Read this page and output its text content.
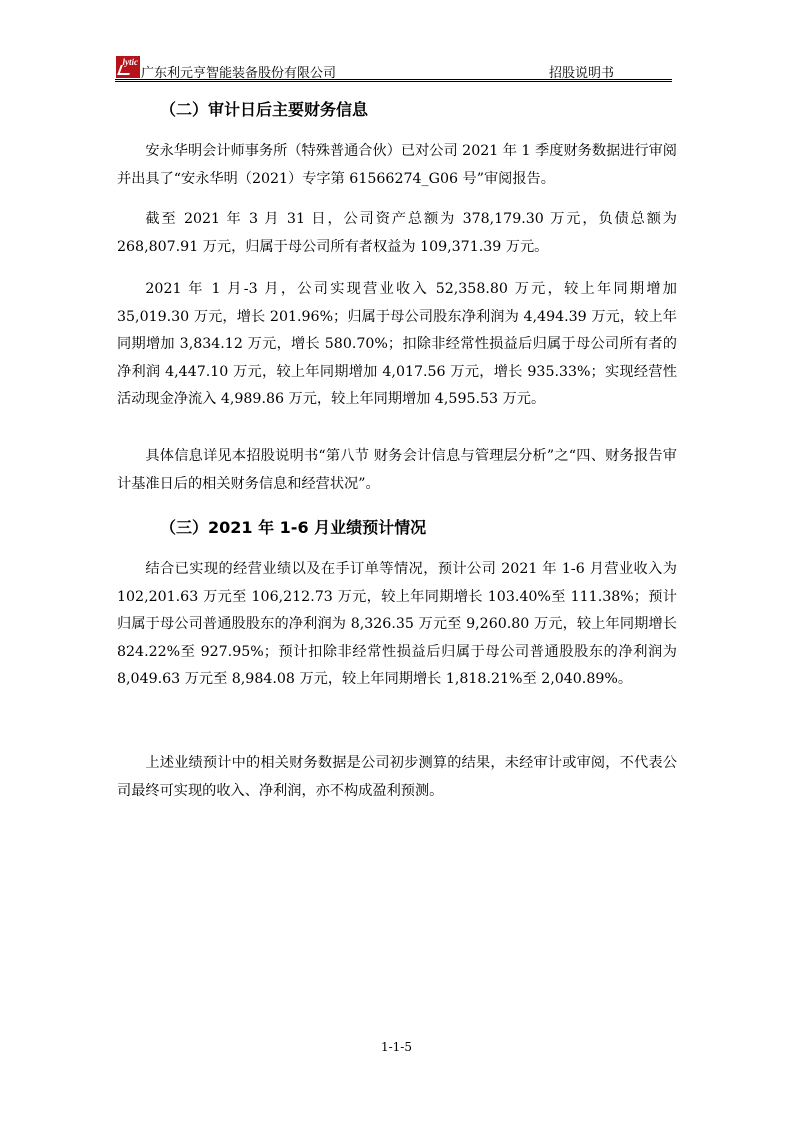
lytic
广东利元亨智能装备股份有限公司	招股说明书
（二）审计日后主要财务信息

安永华明会计师事务所（特殊普通合伙）已对公司 2021 年 1 季度财务数据进行审阅并出具了“安永华明（2021）专字第 61566274_G06 号”审阅报告。

截至 2021 年 3 月 31 日，公司资产总额为 378,179.30 万元，负债总额为 268,807.91 万元，归属于母公司所有者权益为 109,371.39 万元。

2021 年 1 月-3 月，公司实现营业收入 52,358.80 万元，较上年同期增加 35,019.30 万元，增长 201.96%；归属于母公司股东净利润为 4,494.39 万元，较上年同期增加 3,834.12 万元，增长 580.70%；扣除非经常性损益后归属于母公司所有者的净利润 4,447.10 万元，较上年同期增加 4,017.56 万元，增长 935.33%；实现经营性活动现金净流入 4,989.86 万元，较上年同期增加 4,595.53 万元。

具体信息详见本招股说明书“第八节 财务会计信息与管理层分析”之“四、财务报告审计基准日后的相关财务信息和经营状况”。

（三）2021 年 1-6 月业绩预计情况

结合已实现的经营业绩以及在手订单等情况，预计公司 2021 年 1-6 月营业收入为 102,201.63 万元至 106,212.73 万元，较上年同期增长 103.40%至 111.38%；预计归属于母公司普通股股东的净利润为 8,326.35 万元至 9,260.80 万元，较上年同期增长 824.22%至 927.95%；预计扣除非经常性损益后归属于母公司普通股股东的净利润为 8,049.63 万元至 8,984.08 万元，较上年同期增长 1,818.21%至 2,040.89%。

上述业绩预计中的相关财务数据是公司初步测算的结果，未经审计或审阅，不代表公司最终可实现的收入、净利润，亦不构成盈利预测。

1-1-5
